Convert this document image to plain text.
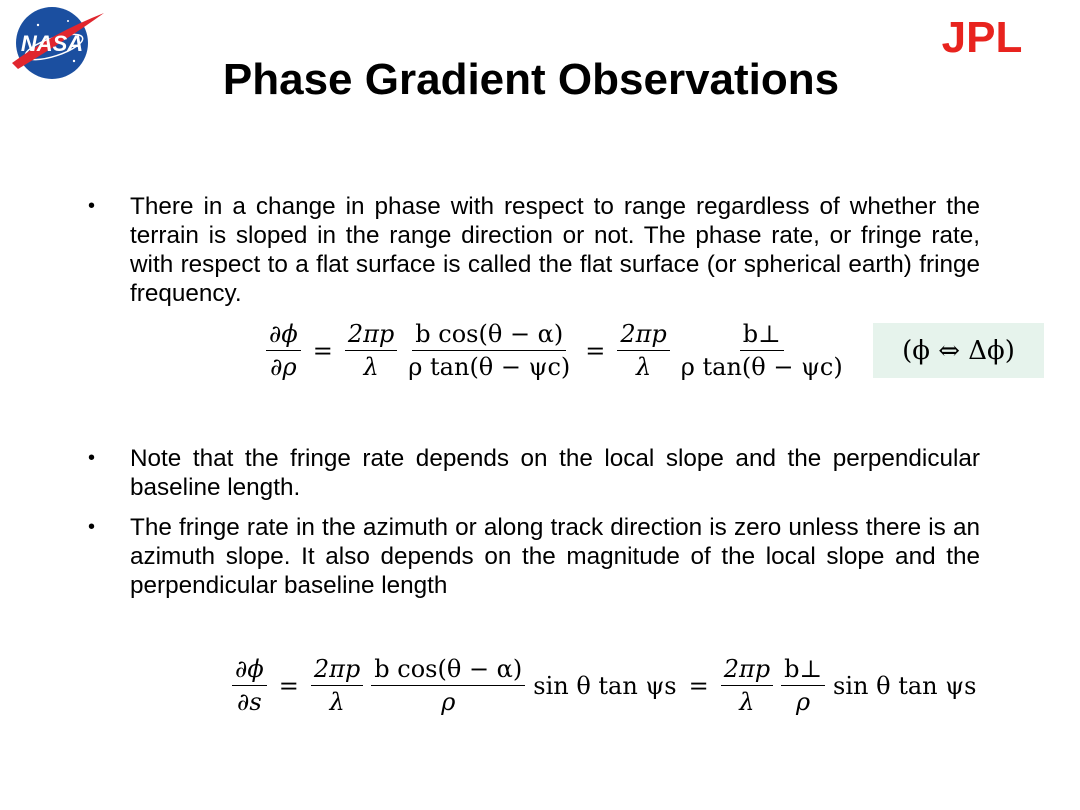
NASA	JPL
Phase Gradient Observations
• There in a change in phase with respect to range regardless of whether the terrain is sloped in the range direction or not. The phase rate, or fringe rate, with respect to a flat surface is called the flat surface (or spherical earth) fringe frequency.
$\frac{\partial\phi}{\partial\rho} = \frac{2\pi p}{\lambda} \frac{\text{b cos(θ − α)}}{\text{ρ tan(θ − ψc)}} = \frac{2\pi p}{\lambda} \frac{b\perp}{\text{ρ tan(θ − ψc)}}$	(ϕ ⇔ Δϕ)
• Note that the fringe rate depends on the local slope and the perpendicular baseline length.
• The fringe rate in the azimuth or along track direction is zero unless there is an azimuth slope. It also depends on the magnitude of the local slope and the perpendicular baseline length
$\frac{\partial\phi}{\partial s} = \frac{2\pi p}{\lambda} \frac{\text{b cos(θ − α)}}{\rho}$ sin θ $\tan \psi s = \frac{2\pi p}{\lambda} \frac{b\perp}{\rho}$ sin θ tan ψs
